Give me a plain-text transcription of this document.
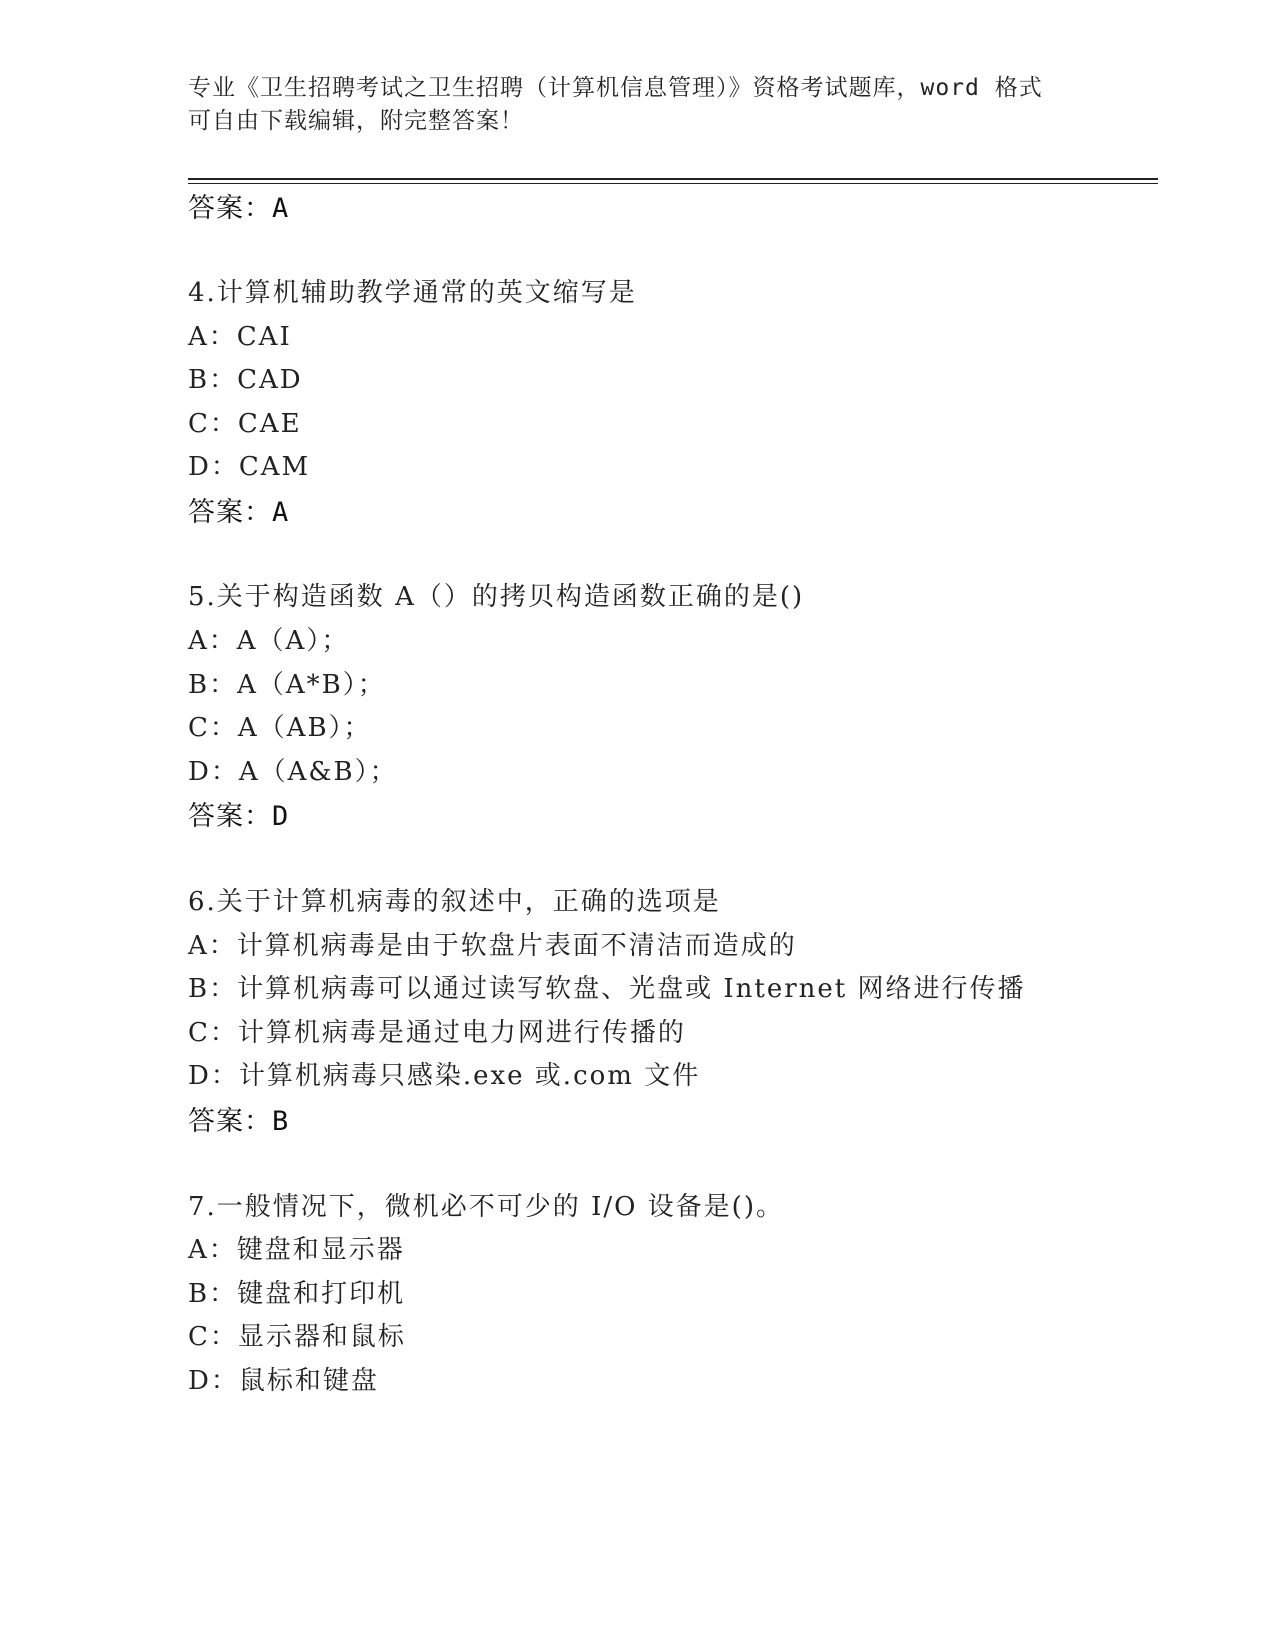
专业《卫生招聘考试之卫生招聘（计算机信息管理）》资格考试题库，word 格式
可自由下载编辑，附完整答案！
答案：A
4.计算机辅助教学通常的英文缩写是
A：CAI
B：CAD
C：CAE
D：CAM
答案：A
5.关于构造函数 A（）的拷贝构造函数正确的是()
A：A（A）；
B：A（A*B）；
C：A（AB）；
D：A（A&B）；
答案：D
6.关于计算机病毒的叙述中，正确的选项是
A：计算机病毒是由于软盘片表面不清洁而造成的
B：计算机病毒可以通过读写软盘、光盘或 Internet 网络进行传播
C：计算机病毒是通过电力网进行传播的
D：计算机病毒只感染.exe 或.com 文件
答案：B
7.一般情况下，微机必不可少的 I/O 设备是()。
A：键盘和显示器
B：键盘和打印机
C：显示器和鼠标
D：鼠标和键盘
